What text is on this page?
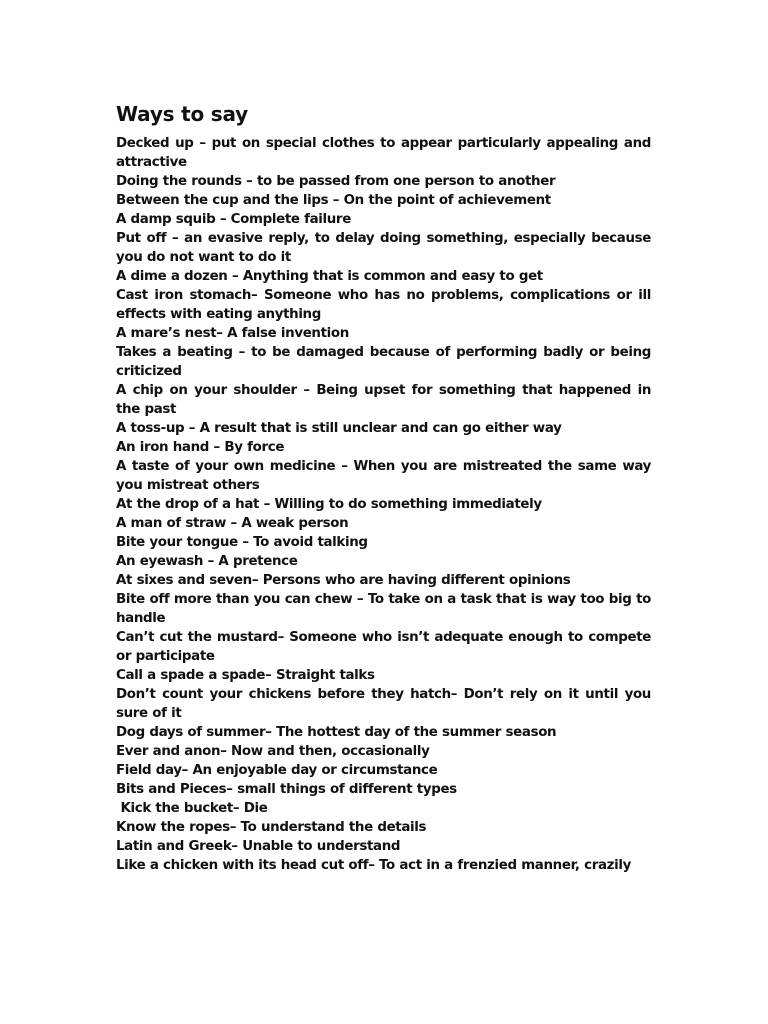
Ways to say
Decked up – put on special clothes to appear particularly appealing and attractive
Doing the rounds – to be passed from one person to another
Between the cup and the lips – On the point of achievement
A damp squib – Complete failure
Put off – an evasive reply, to delay doing something, especially because you do not want to do it
A dime a dozen – Anything that is common and easy to get
Cast iron stomach– Someone who has no problems, complications or ill effects with eating anything
A mare’s nest– A false invention
Takes a beating – to be damaged because of performing badly or being criticized
A chip on your shoulder – Being upset for something that happened in the past
A toss-up – A result that is still unclear and can go either way
An iron hand – By force
A taste of your own medicine – When you are mistreated the same way you mistreat others
At the drop of a hat – Willing to do something immediately
A man of straw – A weak person
Bite your tongue – To avoid talking
An eyewash – A pretence
At sixes and seven– Persons who are having different opinions
Bite off more than you can chew – To take on a task that is way too big to handle
Can’t cut the mustard– Someone who isn’t adequate enough to compete or participate
Call a spade a spade– Straight talks
Don’t count your chickens before they hatch– Don’t rely on it until you sure of it
Dog days of summer– The hottest day of the summer season
Ever and anon– Now and then, occasionally
Field day– An enjoyable day or circumstance
Bits and Pieces– small things of different types
Kick the bucket– Die
Know the ropes– To understand the details
Latin and Greek– Unable to understand
Like a chicken with its head cut off– To act in a frenzied manner, crazily
